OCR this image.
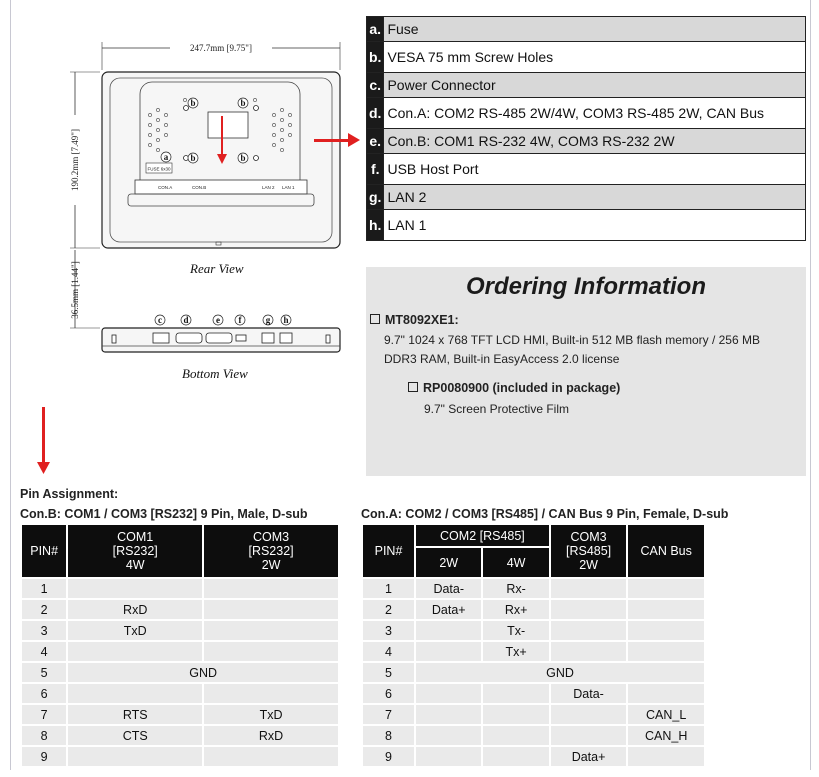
247.7mm [9.75"]
190.2mm [7.49"]
36.5mm [1.44"]
b	b
a b	b
FUSE 6x30
CON.A	CON.B	LAN 2 LAN 1
c d	e f	g h
Rear View
Bottom View
a.	Fuse
b.	VESA 75 mm Screw Holes
c.	Power Connector
d.	Con.A: COM2 RS-485 2W/4W, COM3 RS-485 2W, CAN Bus
e.	Con.B: COM1 RS-232 4W, COM3 RS-232 2W
f.	USB Host Port
g.	LAN 2
h.	LAN 1
Ordering Information
MT8092XE1:
9.7" 1024 x 768 TFT LCD HMI, Built-in 512 MB flash memory / 256 MB
DDR3 RAM, Built-in EasyAccess 2.0 license
RP0080900 (included in package)
9.7" Screen Protective Film
Pin Assignment:
Con.B: COM1 / COM3 [RS232] 9 Pin, Male, D-sub	Con.A: COM2 / COM3 [RS485] / CAN Bus 9 Pin, Female, D-sub
PIN#	COM1
[RS232]
4W	COM3
[RS232]
2W
1		
2	RxD	
3	TxD	
4		
5	GND	
6		
7	RTS	TxD
8	CTS	RxD
9		
PIN#	COM2 [RS485]		COM3
[RS485]
2W	CAN Bus
	2W	4W		
1	Data-	Rx-		
2	Data+	Rx+		
3		Tx-		
4		Tx+		
5	GND			
6			Data-	
7				CAN_L
8				CAN_H
9			Data+	
